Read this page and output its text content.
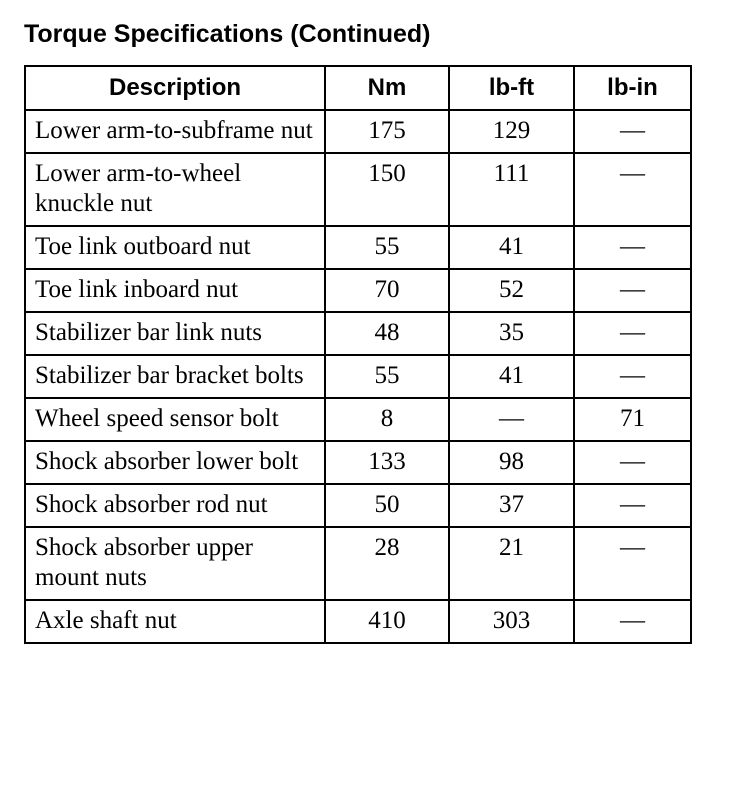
Torque Specifications (Continued)
Description	Nm	lb-ft	lb-in
Lower arm-to-subframe nut	175	129	—
Lower arm-to-wheel knuckle nut	150	111	—
Toe link outboard nut	55	41	—
Toe link inboard nut	70	52	—
Stabilizer bar link nuts	48	35	—
Stabilizer bar bracket bolts	55	41	—
Wheel speed sensor bolt	8	—	71
Shock absorber lower bolt	133	98	—
Shock absorber rod nut	50	37	—
Shock absorber upper mount nuts	28	21	—
Axle shaft nut	410	303	—
